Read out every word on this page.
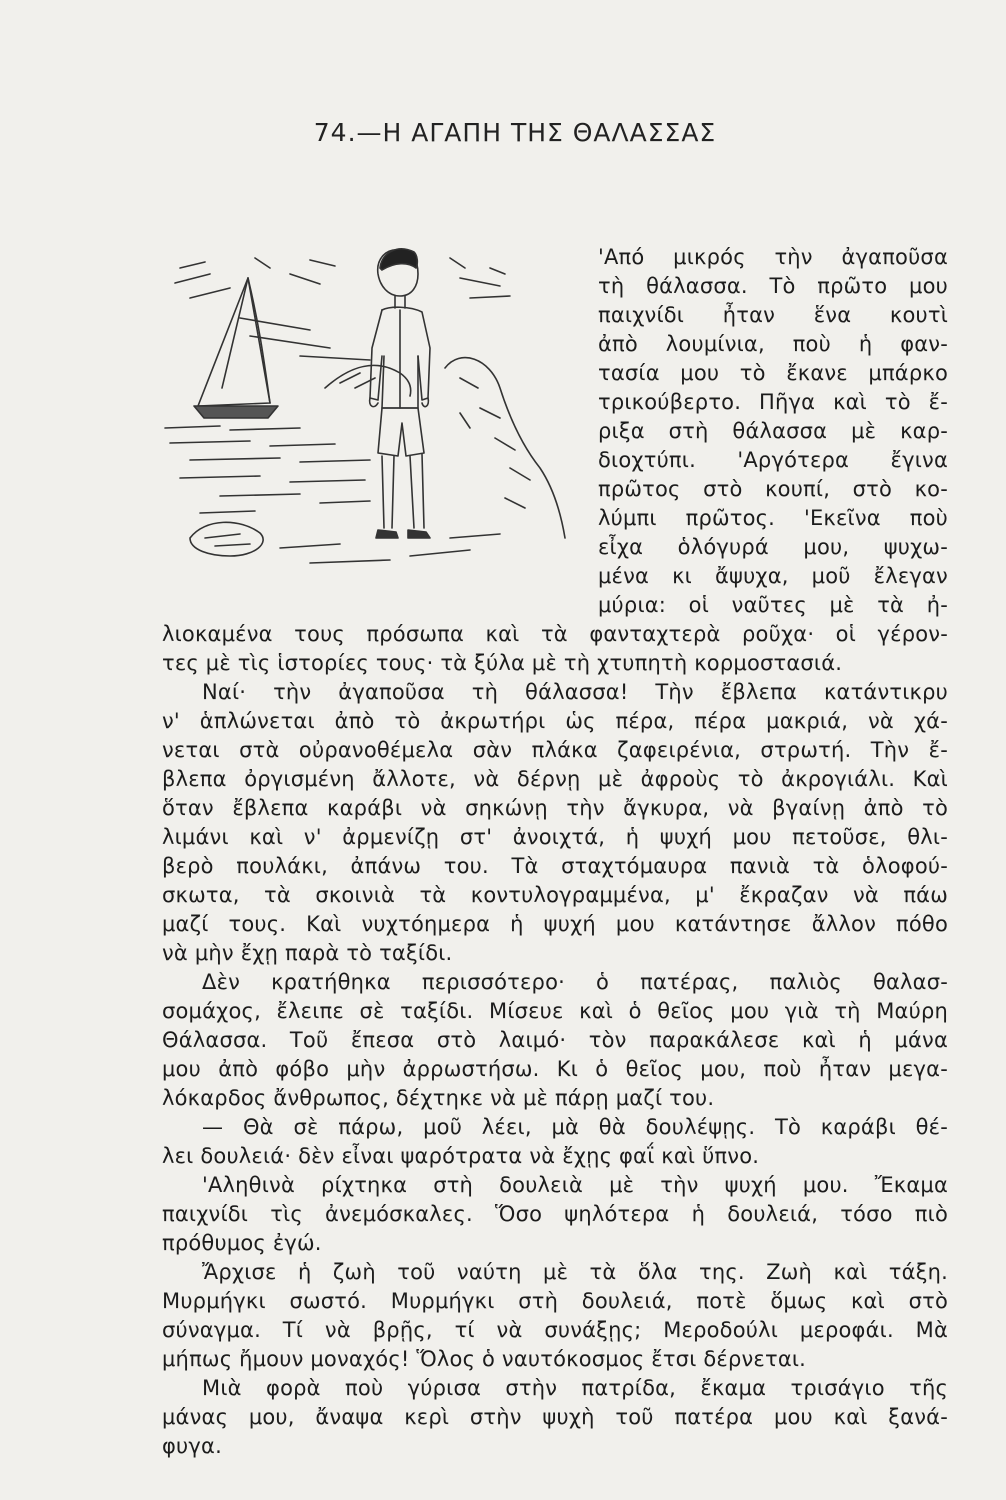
74.—Η ΑΓΑΠΗ ΤΗΣ ΘΑΛΑΣΣΑΣ
'Από μικρός τὴν ἀγαποῦσα
τὴ θάλασσα. Τὸ πρῶτο μου
παιχνίδι ἦταν ἕνα κουτὶ
ἀπὸ λουμίνια, ποὺ ἡ φαν-
τασία μου τὸ ἔκανε μπάρκο
τρικούβερτο. Πῆγα καὶ τὸ ἔ-
ριξα στὴ θάλασσα μὲ καρ-
διοχτύπι. 'Αργότερα ἔγινα
πρῶτος στὸ κουπί, στὸ κο-
λύμπι πρῶτος. 'Εκεῖνα ποὺ
εἶχα ὁλόγυρά μου, ψυχω-
μένα κι ἄψυχα, μοῦ ἔλεγαν
μύρια: οἱ ναῦτες μὲ τὰ ἠ-
λιοκαμένα τους πρόσωπα καὶ τὰ φανταχτερὰ ροῦχα· οἱ γέρον-
τες μὲ τὶς ἱστορίες τους· τὰ ξύλα μὲ τὴ χτυπητὴ κορμοστασιά.
Ναί· τὴν ἀγαποῦσα τὴ θάλασσα! Τὴν ἔβλεπα κατάντικρυ
ν' ἁπλώνεται ἀπὸ τὸ ἀκρωτήρι ὡς πέρα, πέρα μακριά, νὰ χά-
νεται στὰ οὐρανοθέμελα σὰν πλάκα ζαφειρένια, στρωτή. Τὴν ἔ-
βλεπα ὀργισμένη ἄλλοτε, νὰ δέρνῃ μὲ ἀφροὺς τὸ ἀκρογιάλι. Καὶ
ὅταν ἔβλεπα καράβι νὰ σηκώνῃ τὴν ἄγκυρα, νὰ βγαίνῃ ἀπὸ τὸ
λιμάνι καὶ ν' ἀρμενίζῃ στ' ἀνοιχτά, ἡ ψυχή μου πετοῦσε, θλι-
βερὸ πουλάκι, ἀπάνω του. Τὰ σταχτόμαυρα πανιὰ τὰ ὁλοφού-
σκωτα, τὰ σκοινιὰ τὰ κοντυλογραμμένα, μ' ἔκραζαν νὰ πάω
μαζί τους. Καὶ νυχτόημερα ἡ ψυχή μου κατάντησε ἄλλον πόθο
νὰ μὴν ἔχῃ παρὰ τὸ ταξίδι.
Δὲν κρατήθηκα περισσότερο· ὁ πατέρας, παλιὸς θαλασ-
σομάχος, ἔλειπε σὲ ταξίδι. Μίσευε καὶ ὁ θεῖος μου γιὰ τὴ Μαύρη
Θάλασσα. Τοῦ ἔπεσα στὸ λαιμό· τὸν παρακάλεσε καὶ ἡ μάνα
μου ἀπὸ φόβο μὴν ἀρρωστήσω. Κι ὁ θεῖος μου, ποὺ ἦταν μεγα-
λόκαρδος ἄνθρωπος, δέχτηκε νὰ μὲ πάρῃ μαζί του.
— Θὰ σὲ πάρω, μοῦ λέει, μὰ θὰ δουλέψῃς. Τὸ καράβι θέ-
λει δουλειά· δὲν εἶναι ψαρότρατα νὰ ἔχῃς φαΐ καὶ ὕπνο.
'Αληθινὰ ρίχτηκα στὴ δουλειὰ μὲ τὴν ψυχή μου. Ἔκαμα
παιχνίδι τὶς ἀνεμόσκαλες. Ὅσο ψηλότερα ἡ δουλειά, τόσο πιὸ
πρόθυμος ἐγώ.
Ἄρχισε ἡ ζωὴ τοῦ ναύτη μὲ τὰ ὅλα της. Ζωὴ καὶ τάξη.
Μυρμήγκι σωστό. Μυρμήγκι στὴ δουλειά, ποτὲ ὅμως καὶ στὸ
σύναγμα. Τί νὰ βρῇς, τί νὰ συνάξῃς; Μεροδούλι μεροφάι. Μὰ
μήπως ἤμουν μοναχός! Ὅλος ὁ ναυτόκοσμος ἔτσι δέρνεται.
Μιὰ φορὰ ποὺ γύρισα στὴν πατρίδα, ἔκαμα τρισάγιο τῆς
μάνας μου, ἄναψα κερὶ στὴν ψυχὴ τοῦ πατέρα μου καὶ ξανά-
φυγα.
